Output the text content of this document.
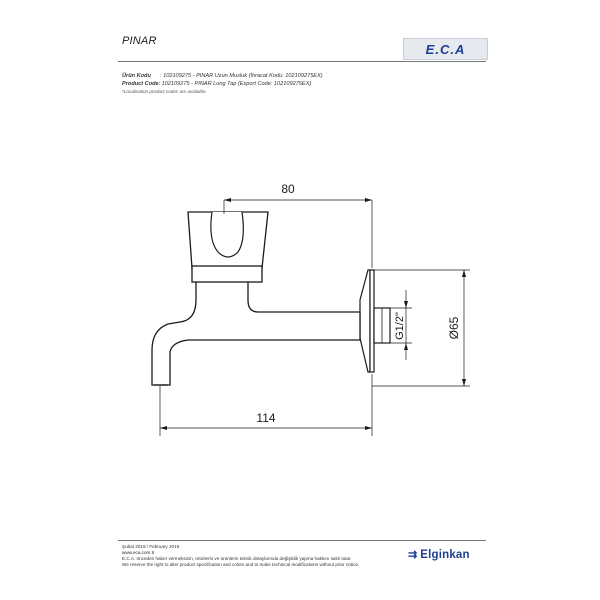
PINAR
E.C.A
Ürün Kodu : 102109275 - PINAR Uzun Musluk (İhracat Kodu: 102109275EX)
Product Code: 102109275 - PINAR Long Tap (Export Code: 102109275EX)
*Localisation product codes are available.
80
114
G1/2"	Ø65
Şubat 2019 / February 2019
www.eca.com.tr
E.C.A. önceden haber vermeksizin, ürünlerin ve ürünlerin teknik detaylarında değişiklik yapma hakkını saklı tutar.
We reserve the right to alter product specification and colors and to make technical modifications without prior notice.
⇉ Elginkan
